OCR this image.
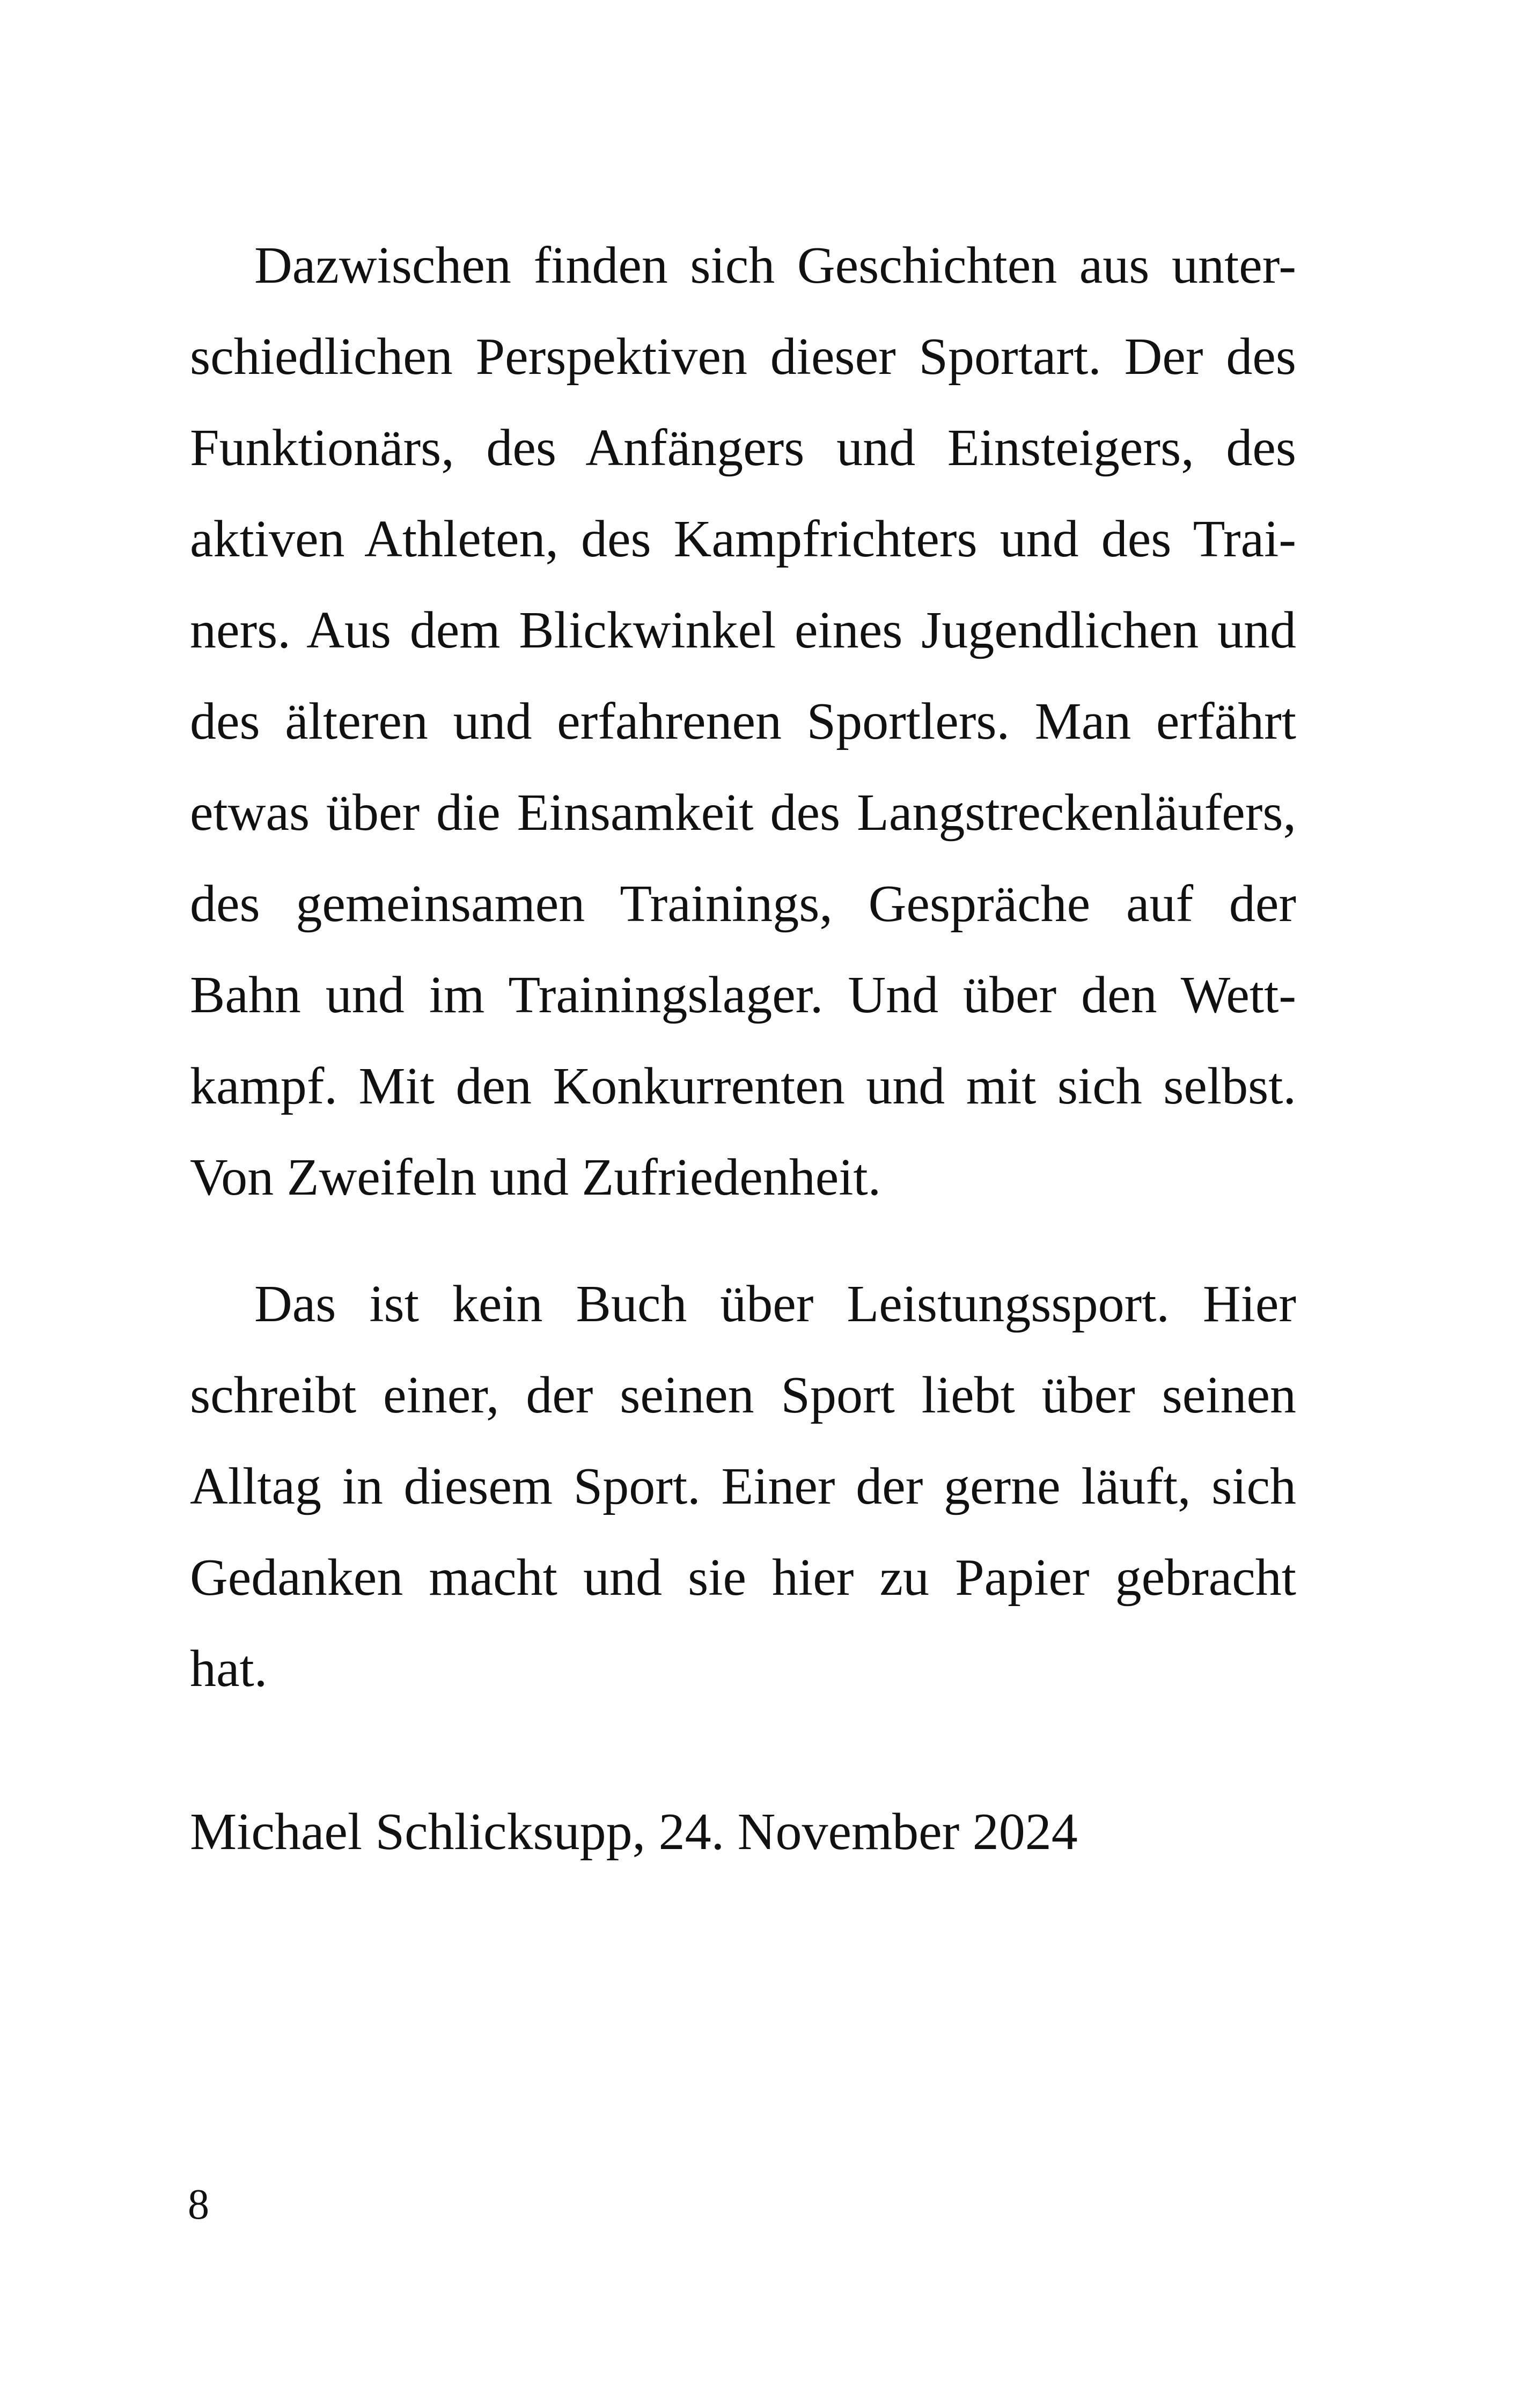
Dazwischen finden sich Geschichten aus unter-
schiedlichen Perspektiven dieser Sportart. Der des
Funktionärs, des Anfängers und Einsteigers, des
aktiven Athleten, des Kampfrichters und des Trai-
ners. Aus dem Blickwinkel eines Jugendlichen und
des älteren und erfahrenen Sportlers. Man erfährt
etwas über die Einsamkeit des Langstreckenläufers,
des gemeinsamen Trainings, Gespräche auf der
Bahn und im Trainingslager. Und über den Wett-
kampf. Mit den Konkurrenten und mit sich selbst.
Von Zweifeln und Zufriedenheit.
Das ist kein Buch über Leistungssport. Hier
schreibt einer, der seinen Sport liebt über seinen
Alltag in diesem Sport. Einer der gerne läuft, sich
Gedanken macht und sie hier zu Papier gebracht
hat.
Michael Schlicksupp, 24. November 2024
8
